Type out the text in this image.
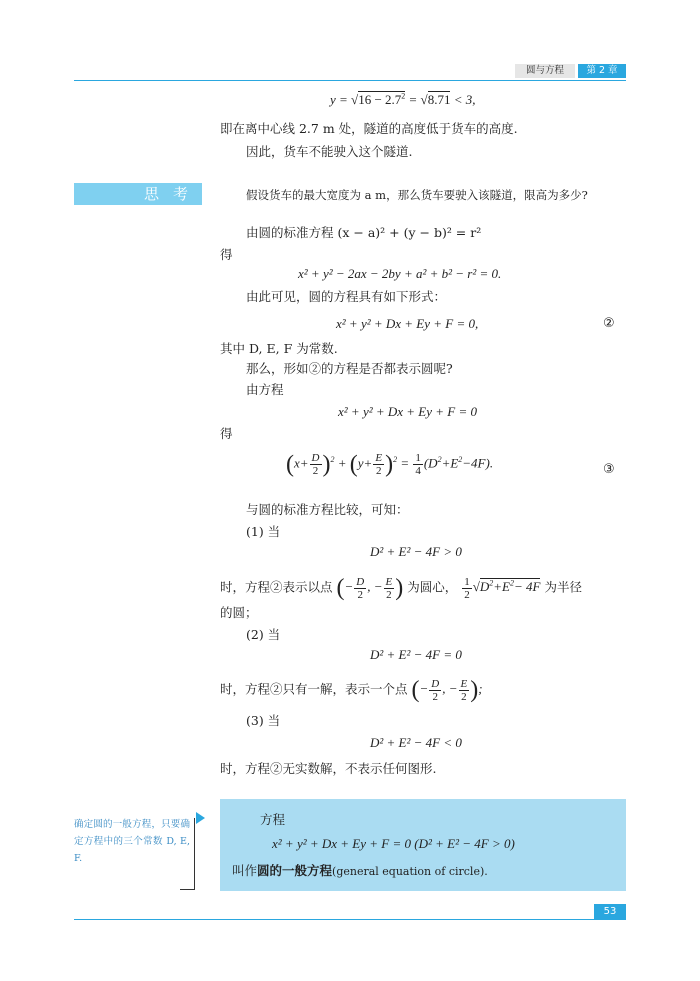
圆与方程	第 2 章
$y = √16 - 2.7^2 = √8.71 < 3$,
即在离中心线 2.7 m 处，隧道的高度低于货车的高度.
因此，货车不能驶入这个隧道.
思考	假设货车的最大宽度为 a m，那么货车要驶入该隧道，限高为多少?
由圆的标准方程 (x − a)² + (y − b)² = r²
得
x² + y² − 2ax − 2by + a² + b² − r² = 0.
由此可见，圆的方程具有如下形式：
x² + y² + Dx + Ey + F = 0,	②
其中 D, E, F 为常数.
那么，形如②的方程是否都表示圆呢?
由方程
x² + y² + Dx + Ey + F = 0
得
$(x+ \frac{D}{2} )^2 + (y+ \frac{E}{2} )^2 = \frac{1}{4} (D^2+E^2-4F)$.	③
与圆的标准方程比较，可知：
(1) 当
D² + E² − 4F > 0
时，方程②表示以点 (− $\frac{D}{2}$ , − $\frac{E}{2}$ ) 为圆心， $\frac{1}{2} √D^2+E^2- 4F$ 为半径
的圆；
(2) 当
D² + E² − 4F = 0
时，方程②只有一解，表示一个点 (− $\frac{D}{2}$ , − $\frac{E}{2}$ );
(3) 当
D² + E² − 4F < 0
时，方程②无实数解，不表示任何图形.
确定圆的一般方程，只要确定方程中的三个常数 D, E, F.
方程
x² + y² + Dx + Ey + F = 0 (D² + E² − 4F > 0)
叫作圆的一般方程(general equation of circle).
53
